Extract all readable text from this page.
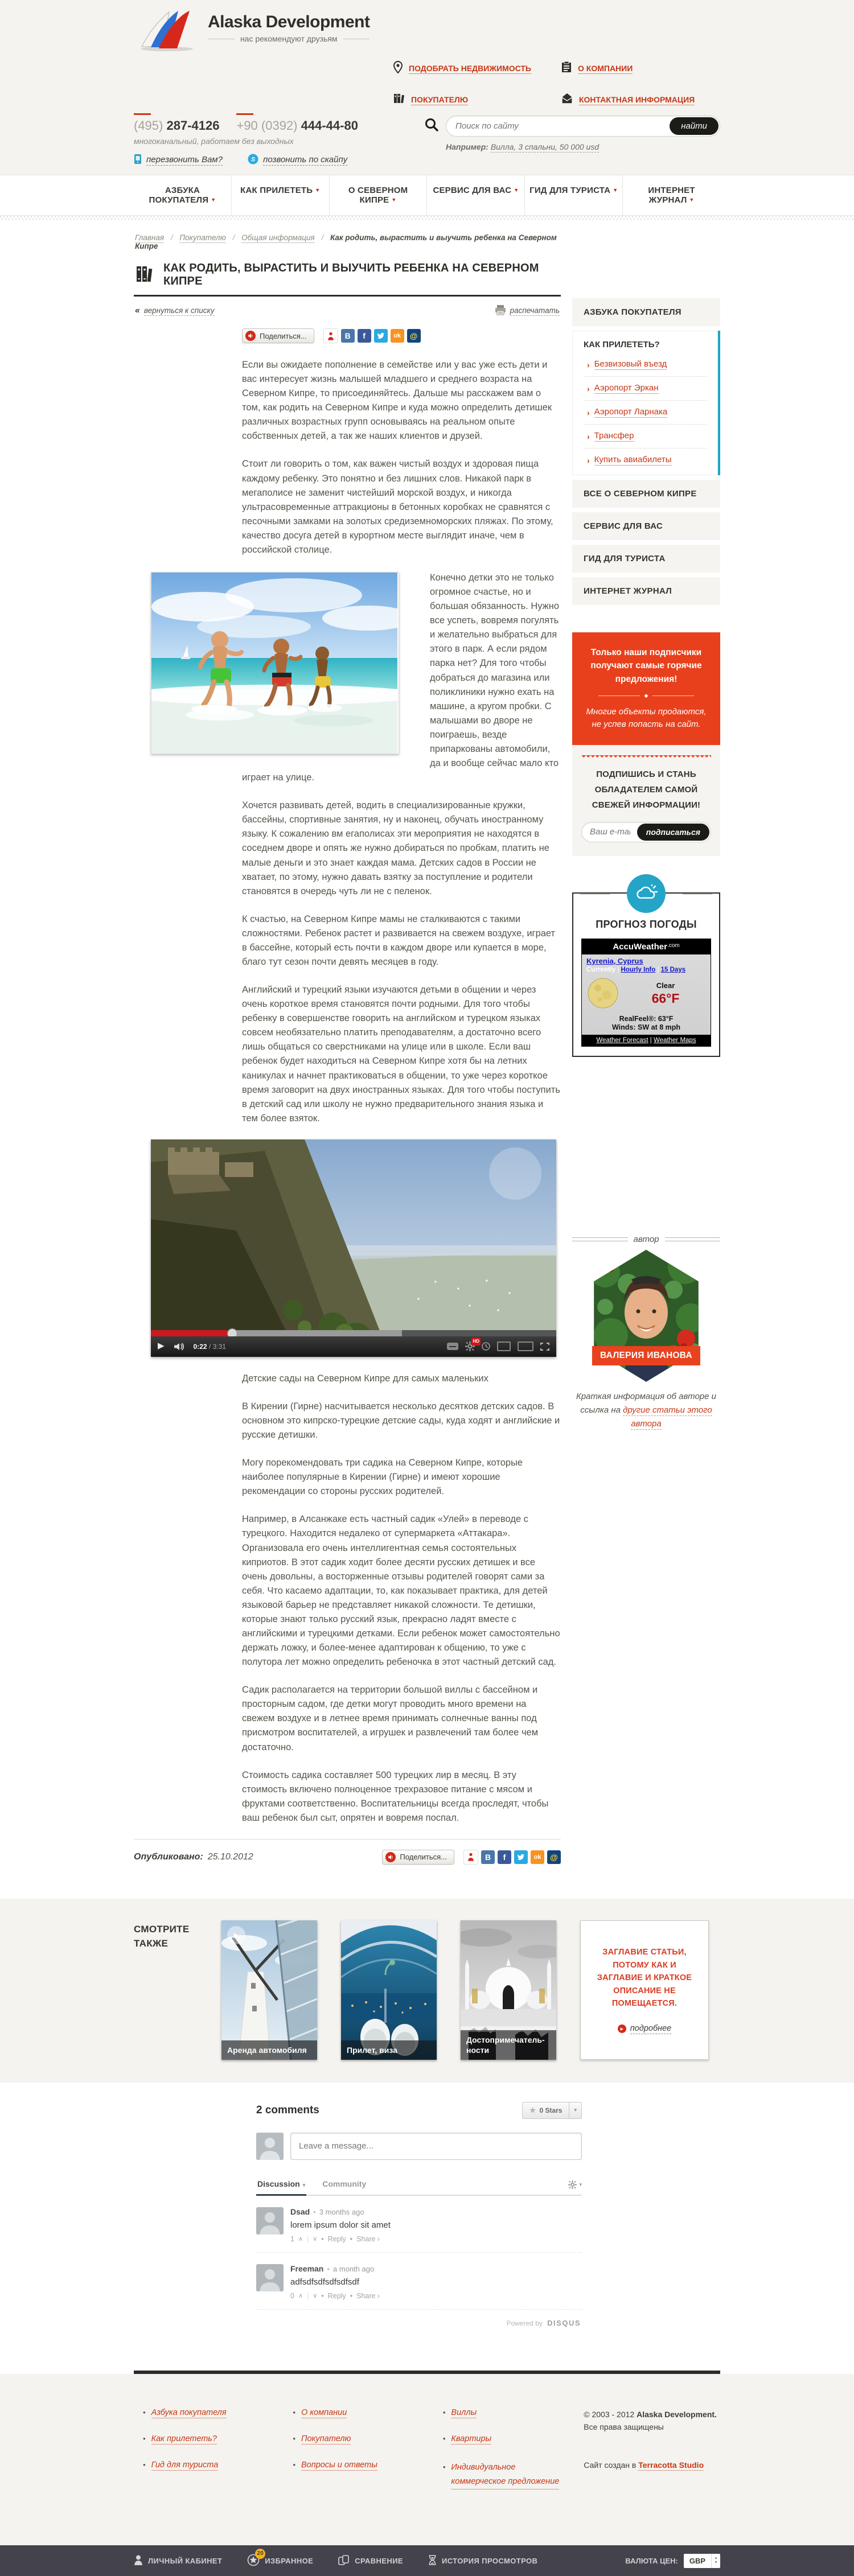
Alaska Development
нас рекомендуют друзьям
ПОДОБРАТЬ НЕДВИЖИМОСТЬ	О КОМПАНИИ
ПОКУПАТЕЛЮ	КОНТАКТНАЯ ИНФОРМАЦИЯ
(495) 287-4126 +90 (0392) 444-44-80
многоканальный, работаем без выходных
перезвонить Вам?	S позвонить по скайпу
Поиск по сайту
найти
Например: Вилла, 3 спальни, 50 000 usd
АЗБУКА ПОКУПАТЕЛЯ ▼
КАК ПРИЛЕТЕТЬ ▼	О СЕВЕРНОМ КИПРЕ ▼
СЕРВИС ДЛЯ ВАС ▼	ГИД ДЛЯ ТУРИСТА ▼	ИНТЕРНЕТ ЖУРНАЛ ▼
Главная / Покупателю / Общая информация / Как родить, вырастить и выучить ребенка на Северном Кипре
КАК РОДИТЬ, ВЫРАСТИТЬ И ВЫУЧИТЬ РЕБЕНКА НА СЕВЕРНОМ КИПРЕ
« вернуться к списку	распечатать
Поделиться...	В	f	ok	@

Если вы ожидаете пополнение в семействе или у вас уже есть дети и вас интересует жизнь малышей младшего и среднего возраста на Северном Кипре, то присоединяйтесь. Дальше мы расскажем вам о том, как родить на Северном Кипре и куда можно определить детишек различных возрастных групп основываясь на реальном опыте собственных детей, а так же наших клиентов и друзей.

Стоит ли говорить о том, как важен чистый воздух и здоровая пища каждому ребенку. Это понятно и без лишних слов. Никакой парк в мегаполисе не заменит чистейший морской воздух, и никогда ультрасовременные аттракционы в бетонных коробках не сравнятся с песочными замками на золотых средиземноморских пляжах. По этому, качество досуга детей в курортном месте выглядит иначе, чем в российской столице.

Конечно детки это не только огромное счастье, но и большая обязанность. Нужно все успеть, вовремя погулять и желательно выбраться для этого в парк. А если рядом парка нет? Для того чтобы добраться до магазина или поликлиники нужно ехать на машине, а кругом пробки. С малышами во дворе не поиграешь, везде припаркованы автомобили, да и вообще сейчас мало кто играет на улице.

Хочется развивать детей, водить в специализированные кружки, бассейны, спортивные занятия, ну и наконец, обучать иностранному языку. К сожалению вм егаполисах эти мероприятия не находятся в соседнем дворе и опять же нужно добираться по пробкам, платить не малые деньги и это знает каждая мама. Детских садов в России не хватает, по этому, нужно давать взятку за поступление и родители становятся в очередь чуть ли не с пеленок.

К счастью, на Северном Кипре мамы не сталкиваются с такими сложностями. Ребенок растет и развивается на свежем воздухе, играет в бассейне, который есть почти в каждом дворе или купается в море, благо тут сезон почти девять месяцев в году.

Английский и турецкий языки изучаются детьми в общении и через очень короткое время становятся почти родными. Для того чтобы ребенку в совершенстве говорить на английском и турецком языках совсем необязательно платить преподавателям, а достаточно всего лишь общаться со сверстниками на улице или в школе. Если ваш ребенок будет находиться на Северном Кипре хотя бы на летних каникулах и начнет практиковаться в общении, то уже через короткое время заговорит на двух иностранных языках. Для того чтобы поступить в детский сад или школу не нужно предварительного знания языка и тем более взяток.

▶	0:22 / 3:31
HD

Детские сады на Северном Кипре для самых маленьких

В Кирении (Гирне) насчитывается несколько десятков детских садов. В основном это кипрско-турецкие детские сады, куда ходят и английские и русские детишки.

Могу порекомендовать три садика на Северном Кипре, которые наиболее популярные в Кирении (Гирне) и имеют хорошие рекомендации со стороны русских родителей.

Например, в Алсанжаке есть частный садик «Улей» в переводе с турецкого. Находится недалеко от супермаркета «Аттакара». Организовала его очень интеллигентная семья состоятельных киприотов. В этот садик ходит более десяти русских детишек и все очень довольны, а восторженные отзывы родителей говорят сами за себя. Что касаемо адаптации, то, как показывает практика, для детей языковой барьер не представляет никакой сложности. Те детишки, которые знают только русский язык, прекрасно ладят вместе с английскими и турецкими детками. Если ребенок может самостоятельно держать ложку, и более-менее адаптирован к общению, то уже с полутора лет можно определить ребеночка в этот частный детский сад.

Садик располагается на территории большой виллы с бассейном и просторным садом, где детки могут проводить много времени на свежем воздухе и в летнее время принимать солнечные ванны под присмотром воспитателей, а игрушек и развлечений там более чем достаточно.

Стоимость садика составляет 500 турецких лир в месяц. В эту стоимость включено полноценное трехразовое питание с мясом и фруктами соответственно. Воспитательницы всегда проследят, чтобы ваш ребенок был сыт, опрятен и вовремя поспал.

Опубликовано: 25.10.2012	Поделиться...	В	f	ok	@
АЗБУКА ПОКУПАТЕЛЯ
КАК ПРИЛЕТЕТЬ?
› Безвизовый въезд
› Аэропорт Эркан
› Аэропорт Ларнака
› Трансфер
› Купить авиабилеты
ВСЕ О СЕВЕРНОМ КИПРЕ
СЕРВИС ДЛЯ ВАС
ГИД ДЛЯ ТУРИСТА
ИНТЕРНЕТ ЖУРНАЛ
Только наши подписчики получают самые горячие предложения!
◆
Многие объекты продаются, не успев попасть на сайт.
ПОДПИШИСЬ И СТАНЬ ОБЛАДАТЕЛЕМ САМОЙ СВЕЖЕЙ ИНФОРМАЦИИ!
Ваш e-mail
подписаться
ПРОГНОЗ ПОГОДЫ
AccuWeather$^{.com}$
Kyrenia, Cyprus
Currently | Hourly Info | 15 Days
Clear
66°F
RealFeel®: 63°F
Winds: SW at 8 mph
Weather Forecast | Weather Maps
автор
ВАЛЕРИЯ ИВАНОВА
Краткая информация об авторе и ссылка на другие статьи этого автора
СМОТРИТЕ ТАКЖЕ
▶
Аренда автомобиля	Прилет, виза
Достопримечатель- ности
ЗАГЛАВИЕ СТАТЬИ, ПОТОМУ КАК И ЗАГЛАВИЕ И КРАТКОЕ ОПИСАНИЕ НЕ ПОМЕЩАЕТСЯ.
▶ подробнее
2 comments	★ 0 Stars ▾
Leave a message...
Discussion ▾ Community	▾
Dsad • 3 months ago
lorem ipsum dolor sit amet
1 ∧ | ∨ • Reply • Share ›
Freeman • a month ago
adfsdfsdfsdfsdfsdf
0 ∧ | ∨ • Reply • Share ›
Powered by DISQUS
• Азбука покупателя
• Как прилететь?
• Гид для туриста
• О компании
• Покупателю
• Вопросы и ответы
• Виллы
• Квартиры
• Индивидуальное коммерческое предложение
© 2003 - 2012 Alaska Development.
Все права защищены
Сайт создан в Terracotta Studio
ЛИЧНЫЙ КАБИНЕТ
20
ИЗБРАННОЕ	СРАВНЕНИЕ	ИСТОРИЯ ПРОСМОТРОВ	ВАЛЮТА ЦЕН:	GBP	▲
▼
